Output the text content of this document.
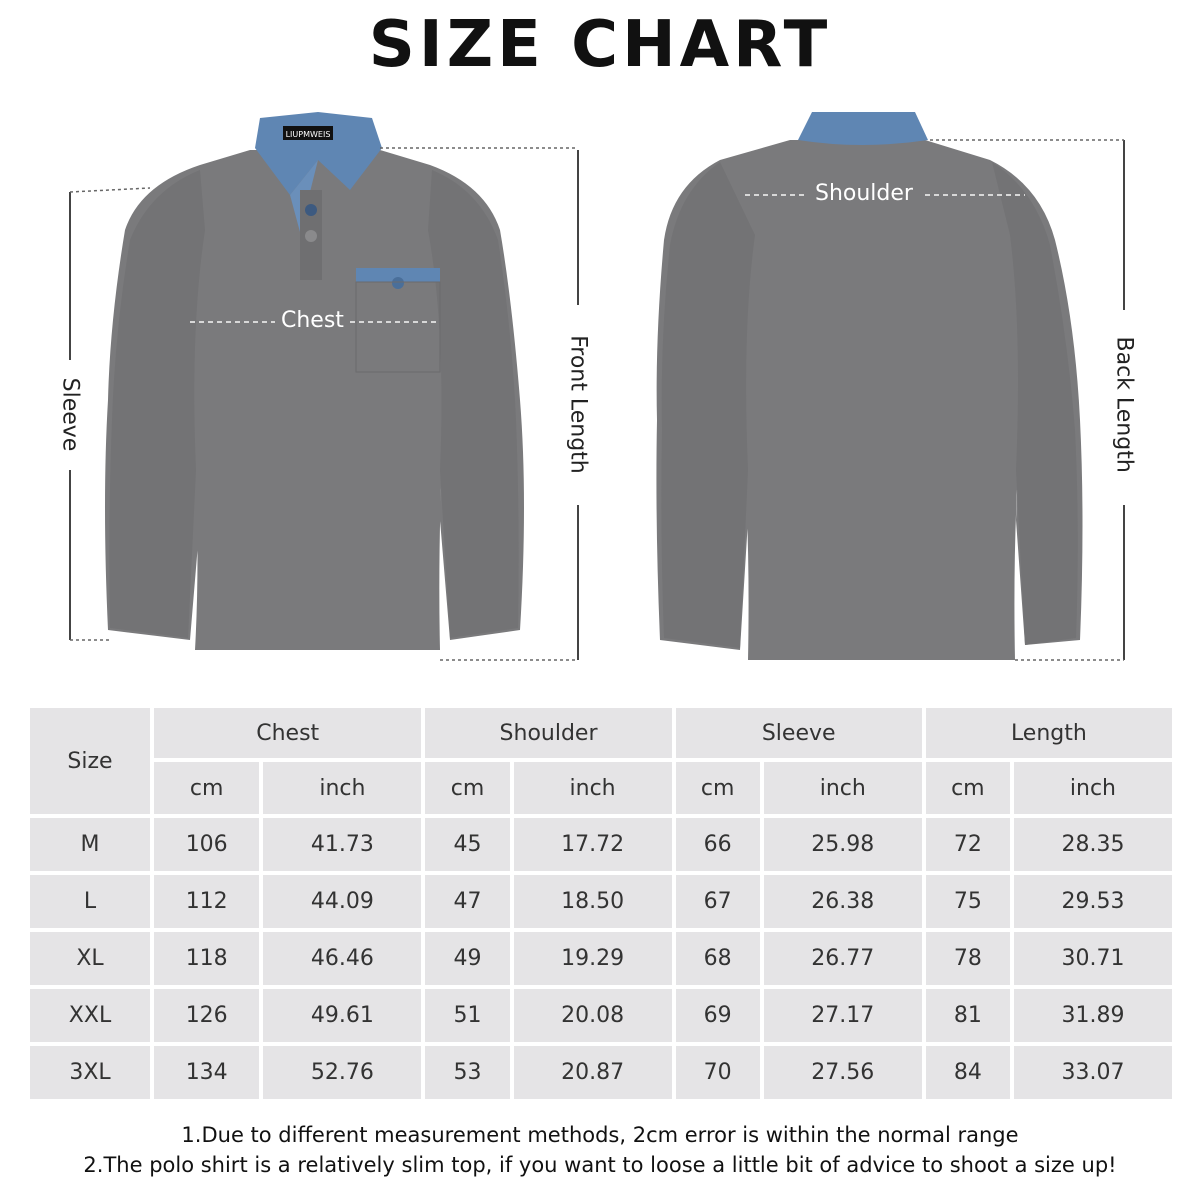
SIZE CHART
LIUPMWEIS
Chest
Shoulder
Sleeve	Front Length	Back Length
Size	Chest		Shoulder		Sleeve		Length	
	cm	inch	cm	inch	cm	inch	cm	inch
M	106	41.73	45	17.72	66	25.98	72	28.35
L	112	44.09	47	18.50	67	26.38	75	29.53
XL	118	46.46	49	19.29	68	26.77	78	30.71
XXL	126	49.61	51	20.08	69	27.17	81	31.89
3XL	134	52.76	53	20.87	70	27.56	84	33.07
1.Due to different measurement methods, 2cm error is within the normal range
2.The polo shirt is a relatively slim top, if you want to loose a little bit of advice to shoot a size up!
